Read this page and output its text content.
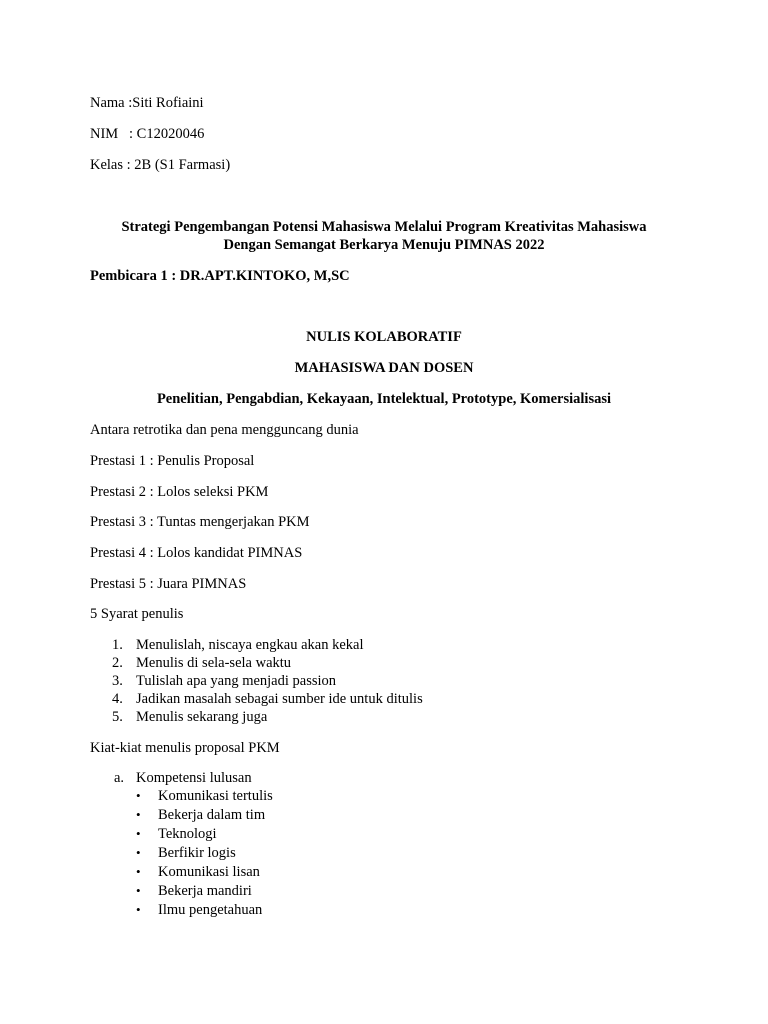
Nama :Siti Rofiaini
NIM : C12020046
Kelas : 2B (S1 Farmasi)
Strategi Pengembangan Potensi Mahasiswa Melalui Program Kreativitas Mahasiswa
Dengan Semangat Berkarya Menuju PIMNAS 2022
Pembicara 1 : DR.APT.KINTOKO, M,SC
NULIS KOLABORATIF
MAHASISWA DAN DOSEN
Penelitian, Pengabdian, Kekayaan, Intelektual, Prototype, Komersialisasi
Antara retrotika dan pena mengguncang dunia
Prestasi 1 : Penulis Proposal
Prestasi 2 : Lolos seleksi PKM
Prestasi 3 : Tuntas mengerjakan PKM
Prestasi 4 : Lolos kandidat PIMNAS
Prestasi 5 : Juara PIMNAS
5 Syarat penulis
1. Menulislah, niscaya engkau akan kekal
2. Menulis di sela-sela waktu
3. Tulislah apa yang menjadi passion
4. Jadikan masalah sebagai sumber ide untuk ditulis
5. Menulis sekarang juga
Kiat-kiat menulis proposal PKM
a. Kompetensi lulusan
• Komunikasi tertulis
• Bekerja dalam tim
• Teknologi
• Berfikir logis
• Komunikasi lisan
• Bekerja mandiri
• Ilmu pengetahuan
